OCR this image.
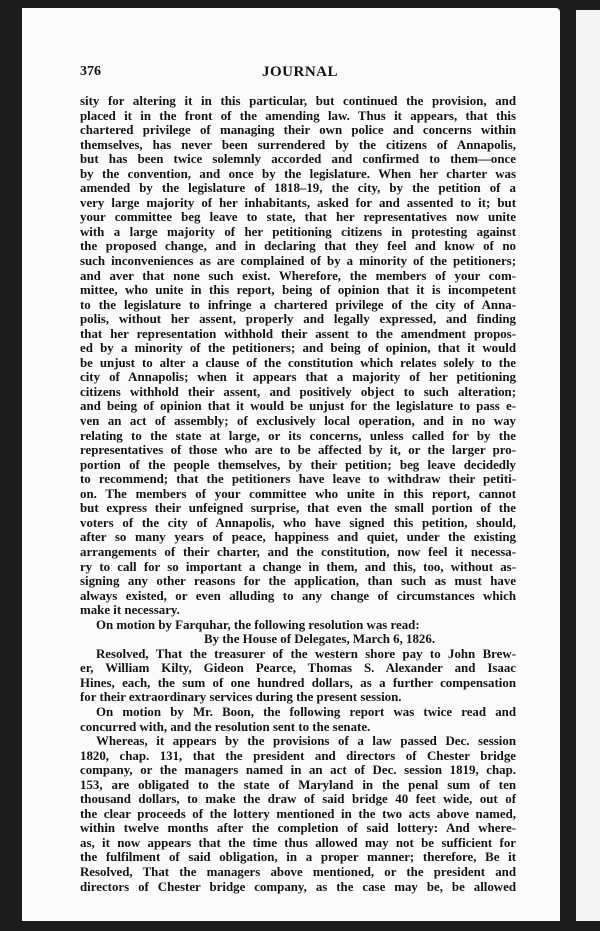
376	JOURNAL
sity for altering it in this particular, but continued the provision, and
placed it in the front of the amending law. Thus it appears, that this
chartered privilege of managing their own police and concerns within
themselves, has never been surrendered by the citizens of Annapolis,
but has been twice solemnly accorded and confirmed to them—once
by the convention, and once by the legislature. When her charter was
amended by the legislature of 1818–19, the city, by the petition of a
very large majority of her inhabitants, asked for and assented to it; but
your committee beg leave to state, that her representatives now unite
with a large majority of her petitioning citizens in protesting against
the proposed change, and in declaring that they feel and know of no
such inconveniences as are complained of by a minority of the petitioners;
and aver that none such exist. Wherefore, the members of your com-
mittee, who unite in this report, being of opinion that it is incompetent
to the legislature to infringe a chartered privilege of the city of Anna-
polis, without her assent, properly and legally expressed, and finding
that her representation withhold their assent to the amendment propos-
ed by a minority of the petitioners; and being of opinion, that it would
be unjust to alter a clause of the constitution which relates solely to the
city of Annapolis; when it appears that a majority of her petitioning
citizens withhold their assent, and positively object to such alteration;
and being of opinion that it would be unjust for the legislature to pass e-
ven an act of assembly; of exclusively local operation, and in no way
relating to the state at large, or its concerns, unless called for by the
representatives of those who are to be affected by it, or the larger pro-
portion of the people themselves, by their petition; beg leave decidedly
to recommend; that the petitioners have leave to withdraw their petiti-
on. The members of your committee who unite in this report, cannot
but express their unfeigned surprise, that even the small portion of the
voters of the city of Annapolis, who have signed this petition, should,
after so many years of peace, happiness and quiet, under the existing
arrangements of their charter, and the constitution, now feel it necessa-
ry to call for so important a change in them, and this, too, without as-
signing any other reasons for the application, than such as must have
always existed, or even alluding to any change of circumstances which
make it necessary.
On motion by Farquhar, the following resolution was read:
By the House of Delegates, March 6, 1826.
Resolved, That the treasurer of the western shore pay to John Brew-
er, William Kilty, Gideon Pearce, Thomas S. Alexander and Isaac
Hines, each, the sum of one hundred dollars, as a further compensation
for their extraordinary services during the present session.
On motion by Mr. Boon, the following report was twice read and
concurred with, and the resolution sent to the senate.
Whereas, it appears by the provisions of a law passed Dec. session
1820, chap. 131, that the president and directors of Chester bridge
company, or the managers named in an act of Dec. session 1819, chap.
153, are obligated to the state of Maryland in the penal sum of ten
thousand dollars, to make the draw of said bridge 40 feet wide, out of
the clear proceeds of the lottery mentioned in the two acts above named,
within twelve months after the completion of said lottery: And where-
as, it now appears that the time thus allowed may not be sufficient for
the fulfilment of said obligation, in a proper manner; therefore, Be it
Resolved, That the managers above mentioned, or the president and
directors of Chester bridge company, as the case may be, be allowed
